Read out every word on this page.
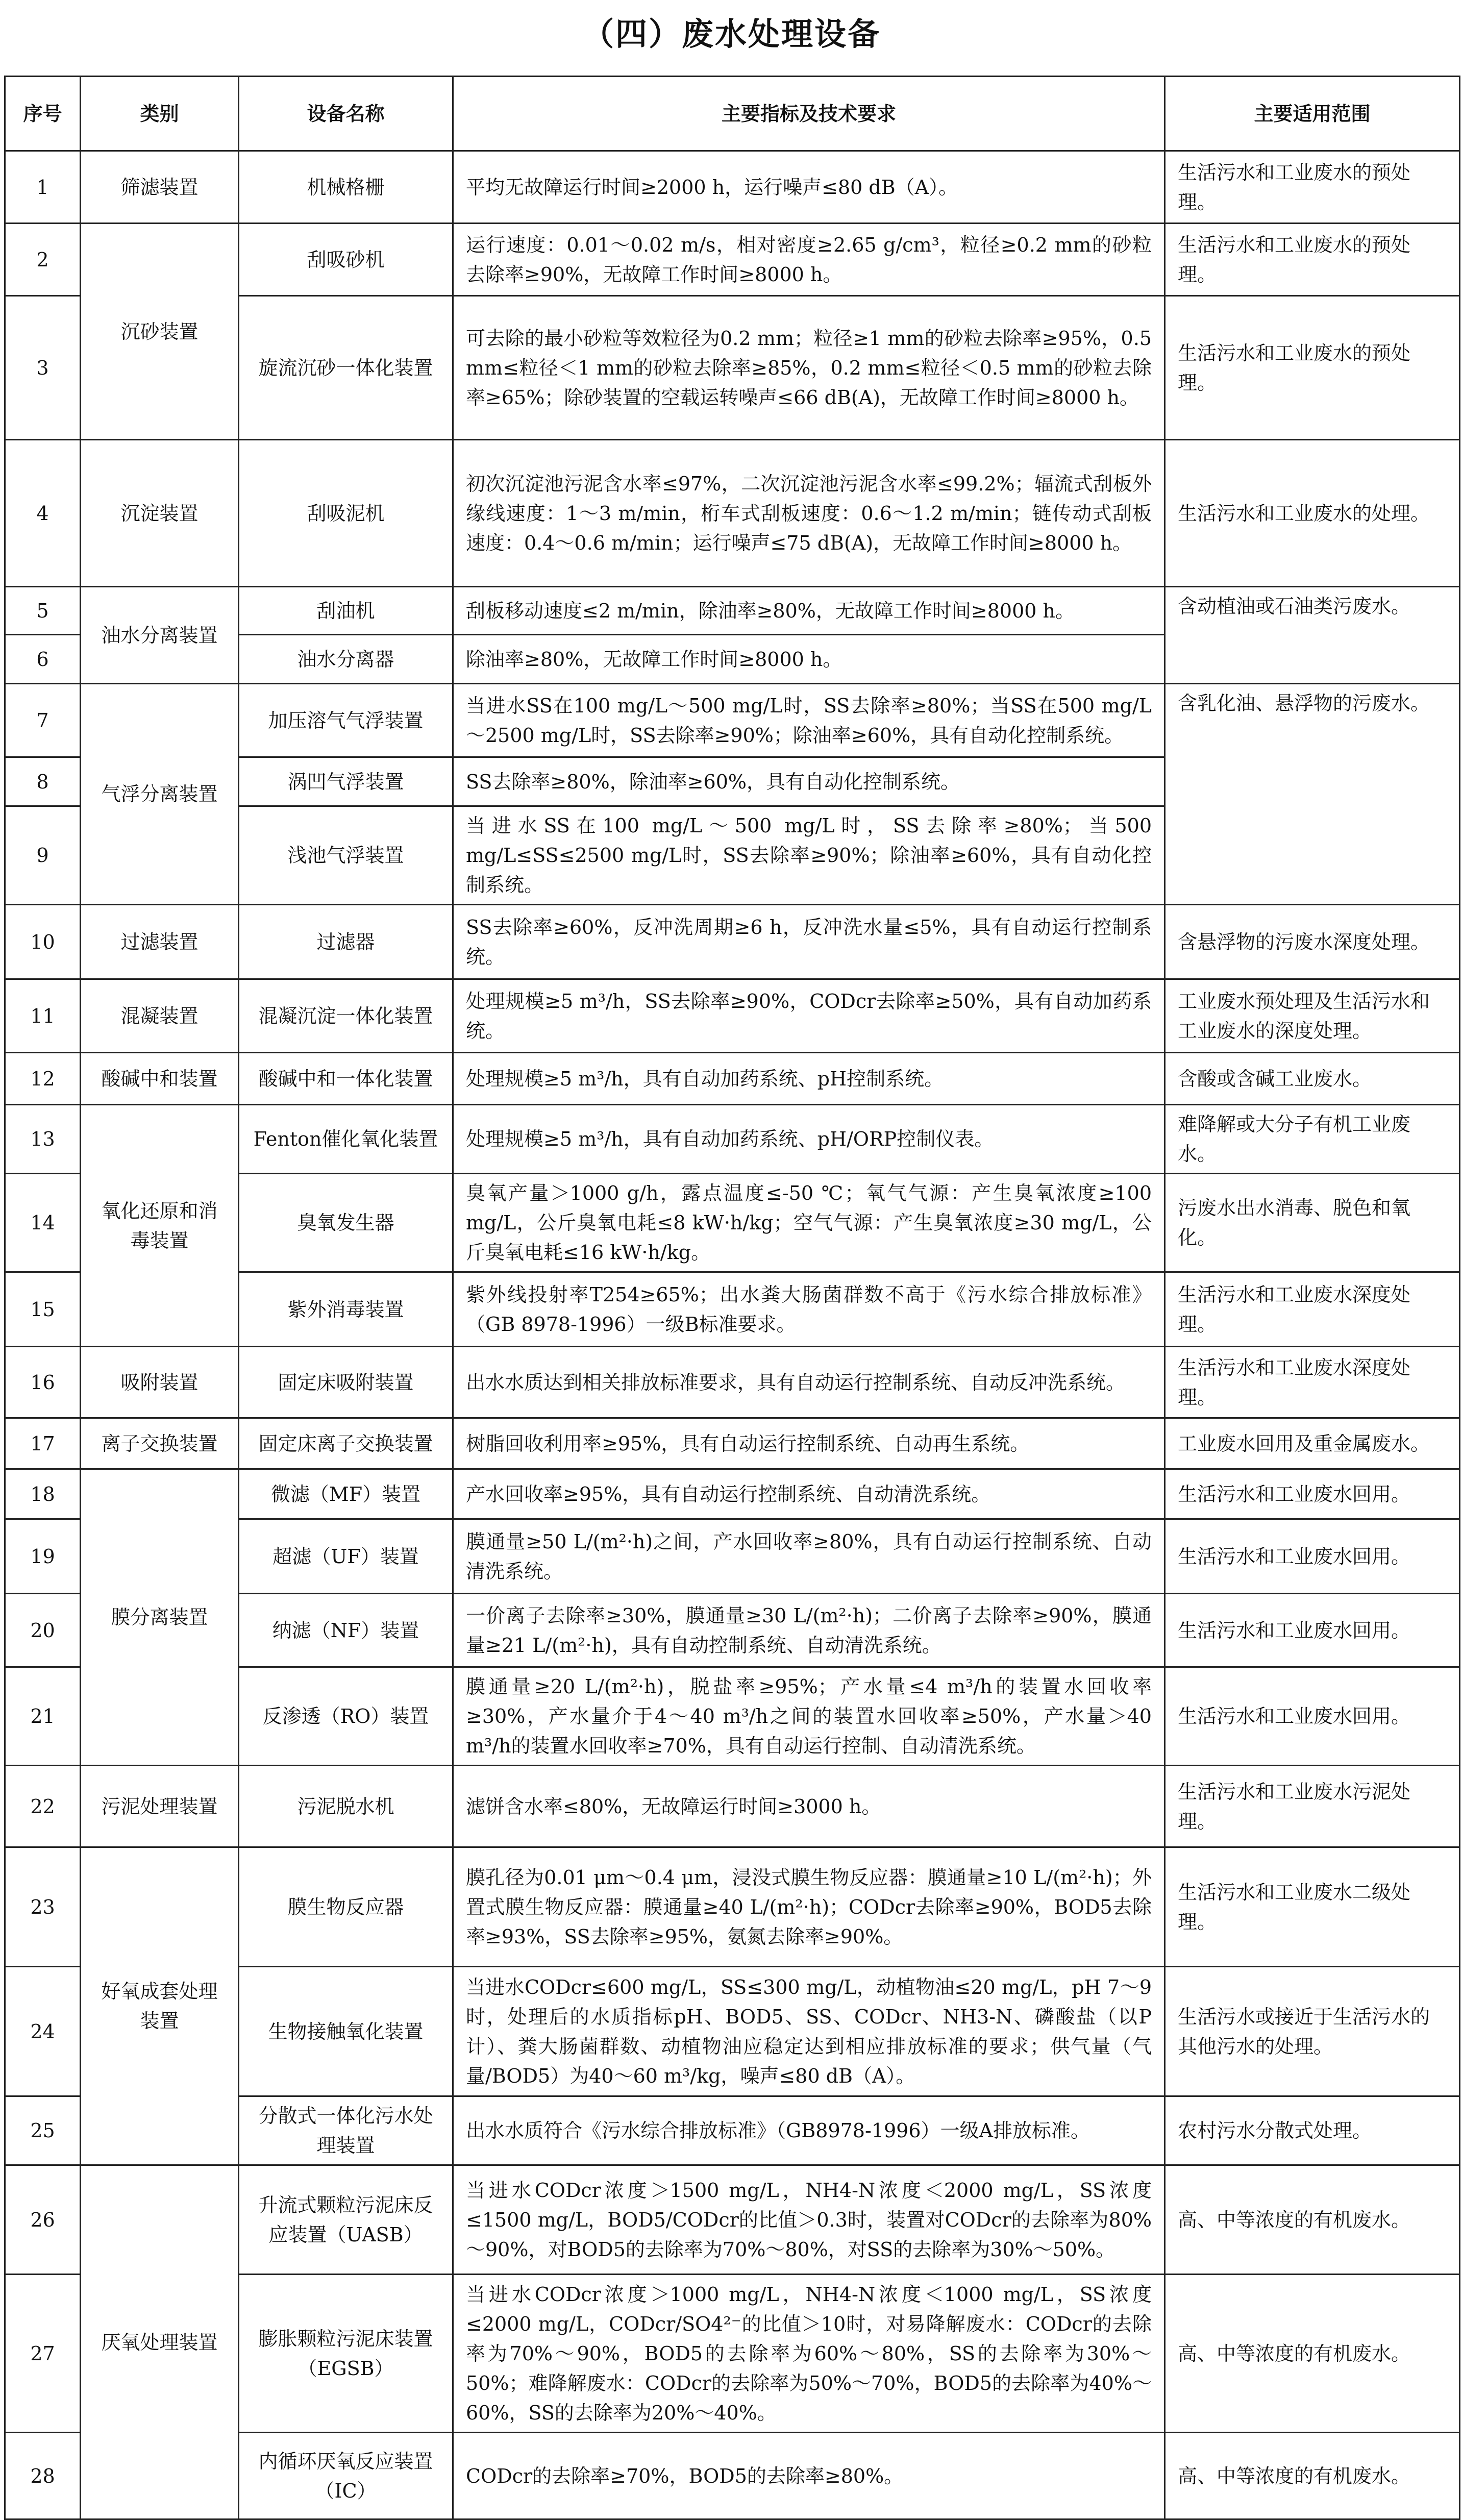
（四）废水处理设备
序号	类别	设备名称	主要指标及技术要求	主要适用范围
1	筛滤装置	机械格栅	平均无故障运行时间≥2000 h，运行噪声≤80 dB（A）。	生活污水和工业废水的预处理。
2	沉砂装置	刮吸砂机	运行速度：0.01～0.02 m/s，相对密度≥2.65 g/cm³，粒径≥0.2 mm的砂粒去除率≥90%，无故障工作时间≥8000 h。	生活污水和工业废水的预处理。
3		旋流沉砂一体化装置	可去除的最小砂粒等效粒径为0.2 mm；粒径≥1 mm的砂粒去除率≥95%，0.5 mm≤粒径＜1 mm的砂粒去除率≥85%，0.2 mm≤粒径＜0.5 mm的砂粒去除率≥65%；除砂装置的空载运转噪声≤66 dB(A)，无故障工作时间≥8000 h。	生活污水和工业废水的预处理。
4	沉淀装置	刮吸泥机	初次沉淀池污泥含水率≤97%，二次沉淀池污泥含水率≤99.2%；辐流式刮板外缘线速度：1～3 m/min，桁车式刮板速度：0.6～1.2 m/min；链传动式刮板速度：0.4～0.6 m/min；运行噪声≤75 dB(A)，无故障工作时间≥8000 h。	生活污水和工业废水的处理。
5	油水分离装置	刮油机	刮板移动速度≤2 m/min，除油率≥80%，无故障工作时间≥8000 h。	含动植油或石油类污废水。
6		油水分离器	除油率≥80%，无故障工作时间≥8000 h。	
7	气浮分离装置	加压溶气气浮装置	当进水SS在100 mg/L～500 mg/L时，SS去除率≥80%；当SS在500 mg/L～2500 mg/L时，SS去除率≥90%；除油率≥60%，具有自动化控制系统。	含乳化油、悬浮物的污废水。
8		涡凹气浮装置	SS去除率≥80%，除油率≥60%，具有自动化控制系统。	
9		浅池气浮装置	当进水SS在100 mg/L～500 mg/L时，SS去除率≥80%；当500 mg/L≤SS≤2500 mg/L时，SS去除率≥90%；除油率≥60%，具有自动化控制系统。	
10	过滤装置	过滤器	SS去除率≥60%，反冲洗周期≥6 h，反冲洗水量≤5%，具有自动运行控制系统。	含悬浮物的污废水深度处理。
11	混凝装置	混凝沉淀一体化装置	处理规模≥5 m³/h，SS去除率≥90%，CODcr去除率≥50%，具有自动加药系统。	工业废水预处理及生活污水和工业废水的深度处理。
12	酸碱中和装置	酸碱中和一体化装置	处理规模≥5 m³/h，具有自动加药系统、pH控制系统。	含酸或含碱工业废水。
13	氧化还原和消毒装置	Fenton催化氧化装置	处理规模≥5 m³/h，具有自动加药系统、pH/ORP控制仪表。	难降解或大分子有机工业废水。
14		臭氧发生器	臭氧产量＞1000 g/h，露点温度≤-50 ℃；氧气气源：产生臭氧浓度≥100 mg/L，公斤臭氧电耗≤8 kW·h/kg；空气气源：产生臭氧浓度≥30 mg/L，公斤臭氧电耗≤16 kW·h/kg。	污废水出水消毒、脱色和氧化。
15		紫外消毒装置	紫外线投射率T254≥65%；出水粪大肠菌群数不高于《污水综合排放标准》（GB 8978-1996）一级B标准要求。	生活污水和工业废水深度处理。
16	吸附装置	固定床吸附装置	出水水质达到相关排放标准要求，具有自动运行控制系统、自动反冲洗系统。	生活污水和工业废水深度处理。
17	离子交换装置	固定床离子交换装置	树脂回收利用率≥95%，具有自动运行控制系统、自动再生系统。	工业废水回用及重金属废水。
18	膜分离装置	微滤（MF）装置	产水回收率≥95%，具有自动运行控制系统、自动清洗系统。	生活污水和工业废水回用。
19		超滤（UF）装置	膜通量≥50 L/(m²·h)之间，产水回收率≥80%，具有自动运行控制系统、自动清洗系统。	生活污水和工业废水回用。
20		纳滤（NF）装置	一价离子去除率≥30%，膜通量≥30 L/(m²·h)；二价离子去除率≥90%，膜通量≥21 L/(m²·h)，具有自动控制系统、自动清洗系统。	生活污水和工业废水回用。
21		反渗透（RO）装置	膜通量≥20 L/(m²·h)，脱盐率≥95%；产水量≤4 m³/h的装置水回收率≥30%，产水量介于4～40 m³/h之间的装置水回收率≥50%，产水量＞40 m³/h的装置水回收率≥70%，具有自动运行控制、自动清洗系统。	生活污水和工业废水回用。
22	污泥处理装置	污泥脱水机	滤饼含水率≤80%，无故障运行时间≥3000 h。	生活污水和工业废水污泥处理。
23	好氧成套处理装置	膜生物反应器	膜孔径为0.01 μm～0.4 μm，浸没式膜生物反应器：膜通量≥10 L/(m²·h)；外置式膜生物反应器：膜通量≥40 L/(m²·h)；CODcr去除率≥90%，BOD5去除率≥93%，SS去除率≥95%，氨氮去除率≥90%。	生活污水和工业废水二级处理。
24		生物接触氧化装置	当进水CODcr≤600 mg/L，SS≤300 mg/L，动植物油≤20 mg/L，pH 7～9时，处理后的水质指标pH、BOD5、SS、CODcr、NH3-N、磷酸盐（以P计）、粪大肠菌群数、动植物油应稳定达到相应排放标准的要求；供气量（气量/BOD5）为40～60 m³/kg，噪声≤80 dB（A）。	生活污水或接近于生活污水的其他污水的处理。
25		分散式一体化污水处理装置	出水水质符合《污水综合排放标准》（GB8978-1996）一级A排放标准。	农村污水分散式处理。
26	厌氧处理装置	升流式颗粒污泥床反应装置（UASB）	当进水CODcr浓度＞1500 mg/L，NH4-N浓度＜2000 mg/L，SS浓度≤1500 mg/L，BOD5/CODcr的比值＞0.3时，装置对CODcr的去除率为80%～90%，对BOD5的去除率为70%～80%，对SS的去除率为30%～50%。	高、中等浓度的有机废水。
27		膨胀颗粒污泥床装置（EGSB）	当进水CODcr浓度＞1000 mg/L，NH4-N浓度＜1000 mg/L，SS浓度≤2000 mg/L，CODcr/SO4²⁻的比值＞10时，对易降解废水：CODcr的去除率为70%～90%，BOD5的去除率为60%～80%，SS的去除率为30%～50%；难降解废水：CODcr的去除率为50%～70%，BOD5的去除率为40%～60%，SS的去除率为20%～40%。	高、中等浓度的有机废水。
28		内循环厌氧反应装置（IC）	CODcr的去除率≥70%，BOD5的去除率≥80%。	高、中等浓度的有机废水。
